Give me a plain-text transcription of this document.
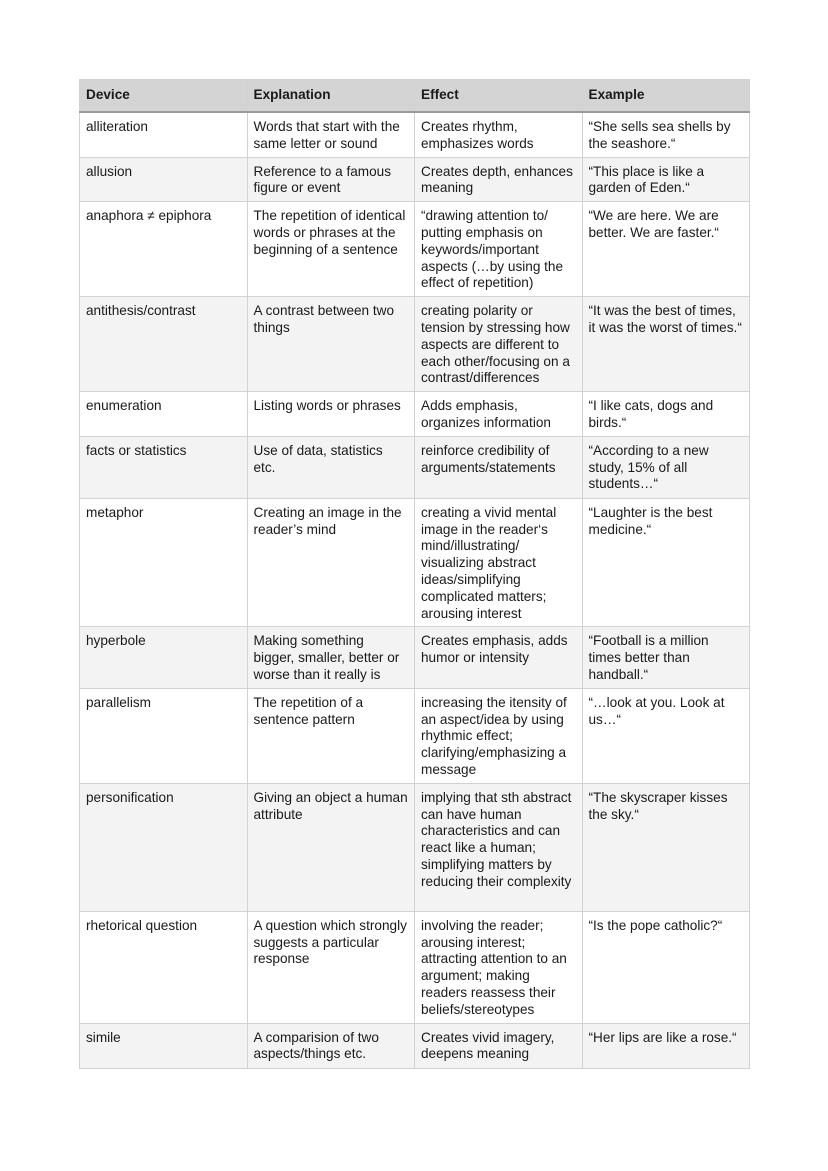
Device	Explanation	Effect	Example
alliteration	Words that start with the same letter or sound	Creates rhythm, emphasizes words	“She sells sea shells by the seashore.“
allusion	Reference to a famous figure or event	Creates depth, enhances meaning	“This place is like a garden of Eden.“
anaphora ≠ epiphora	The repetition of identical words or phrases at the beginning of a sentence	“drawing attention to/ putting emphasis on keywords/important aspects (…by using the effect of repetition)	“We are here. We are better. We are faster.“
antithesis/contrast	A contrast between two things	creating polarity or tension by stressing how aspects are different to each other/focusing on a contrast/differences	“It was the best of times, it was the worst of times.“
enumeration	Listing words or phrases	Adds emphasis, organizes information	“I like cats, dogs and birds.“
facts or statistics	Use of data, statistics etc.	reinforce credibility of arguments/statements	“According to a new study, 15% of all students…“
metaphor	Creating an image in the reader’s mind	creating a vivid mental image in the reader‘s mind/illustrating/ visualizing abstract ideas/simplifying complicated matters; arousing interest	“Laughter is the best medicine.“
hyperbole	Making something bigger, smaller, better or worse than it really is	Creates emphasis, adds humor or intensity	“Football is a million times better than handball.“
parallelism	The repetition of a sentence pattern	increasing the itensity of an aspect/idea by using rhythmic effect; clarifying/emphasizing a message	“…look at you. Look at us…“
personification	Giving an object a human attribute	implying that sth abstract can have human characteristics and can react like a human; simplifying matters by reducing their complexity	“The skyscraper kisses the sky.“
rhetorical question	A question which strongly suggests a particular response	involving the reader; arousing interest; attracting attention to an argument; making readers reassess their beliefs/stereotypes	“Is the pope catholic?“
simile	A comparision of two aspects/things etc.	Creates vivid imagery, deepens meaning	“Her lips are like a rose.“
